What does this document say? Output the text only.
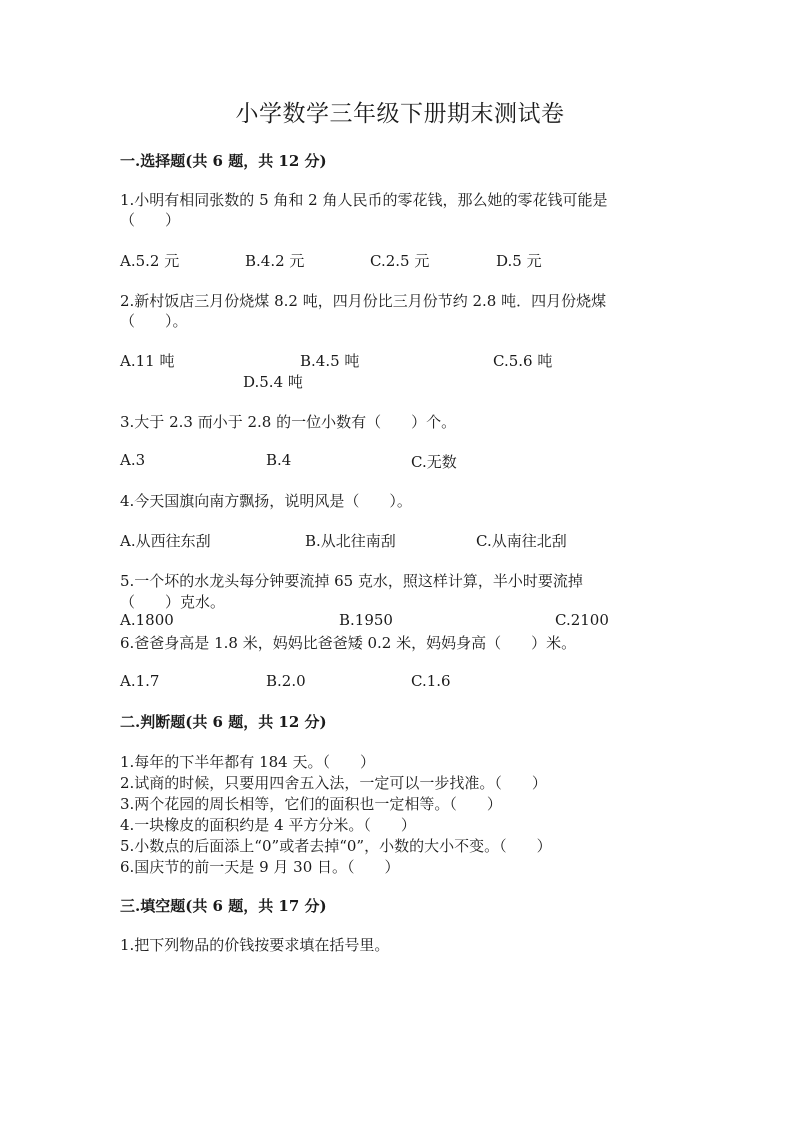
小学数学三年级下册期末测试卷
一.选择题(共 6 题，共 12 分)
1.小明有相同张数的 5 角和 2 角人民币的零花钱，那么她的零花钱可能是
（　　）
A.5.2 元	B.4.2 元	C.2.5 元	D.5 元
2.新村饭店三月份烧煤 8.2 吨，四月份比三月份节约 2.8 吨．四月份烧煤
（　　）。
A.11 吨	B.4.5 吨	C.5.6 吨
D.5.4 吨
3.大于 2.3 而小于 2.8 的一位小数有（　　）个。
A.3	B.4	C.无数
4.今天国旗向南方飘扬，说明风是（　　）。
A.从西往东刮	B.从北往南刮	C.从南往北刮
5.一个坏的水龙头每分钟要流掉 65 克水，照这样计算，半小时要流掉
（　　）克水。
A.1800	B.1950	C.2100
6.爸爸身高是 1.8 米，妈妈比爸爸矮 0.2 米，妈妈身高（　　）米。
A.1.7	B.2.0	C.1.6
二.判断题(共 6 题，共 12 分)
1.每年的下半年都有 184 天。（　　）
2.试商的时候，只要用四舍五入法，一定可以一步找准。（　　）
3.两个花园的周长相等，它们的面积也一定相等。（　　）
4.一块橡皮的面积约是 4 平方分米。（　　）
5.小数点的后面添上“0”或者去掉“0”，小数的大小不变。（　　）
6.国庆节的前一天是 9 月 30 日。（　　）
三.填空题(共 6 题，共 17 分)
1.把下列物品的价钱按要求填在括号里。
